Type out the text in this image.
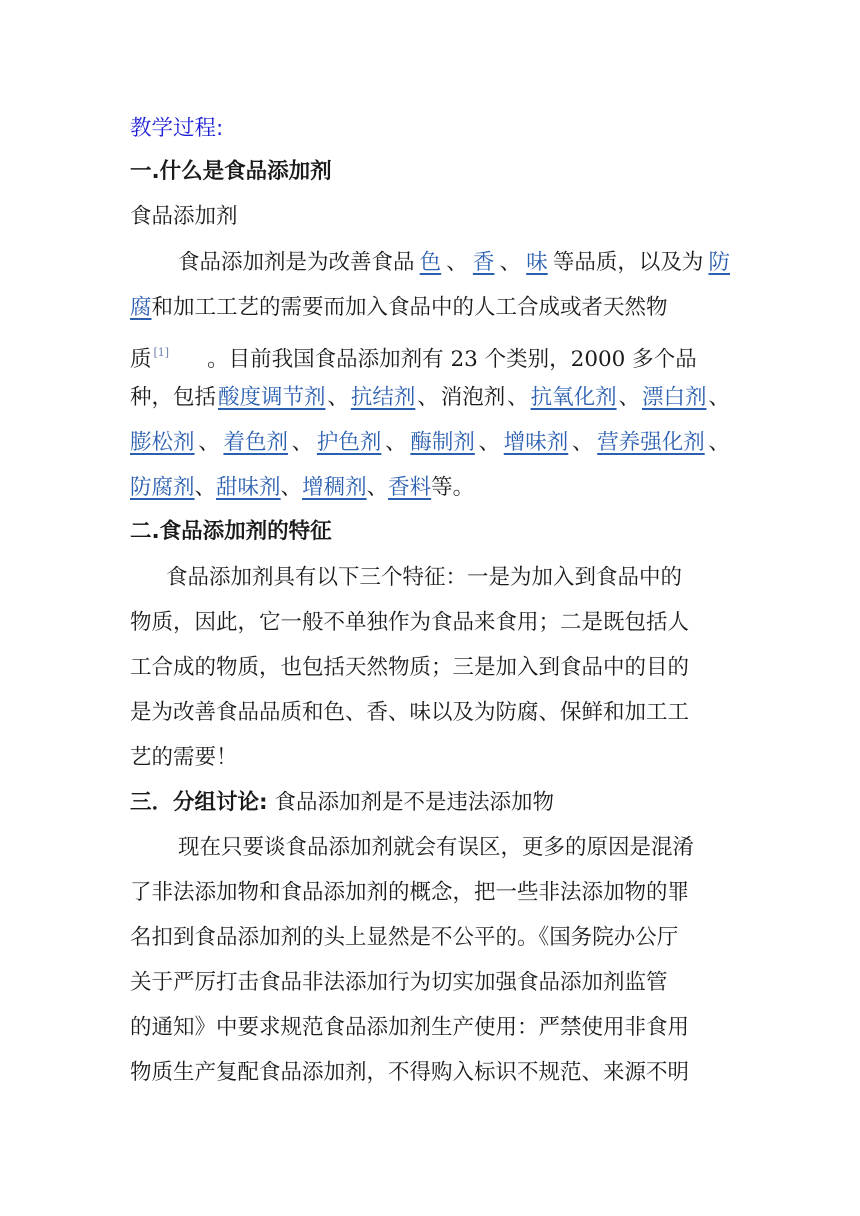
教学过程:
一.什么是食品添加剂
食品添加剂
食品添加剂是为改善食品 色 、 香 、 味 等品质，以及为 防
腐和加工工艺的需要而加入食品中的人工合成或者天然物
质 [1] 。目前我国食品添加剂有 23 个类别，2000 多个品
种，包括 酸度调节剂 、 抗结剂 、 消泡剂 、 抗氧化剂 、 漂白剂 、
膨松剂 、 着色剂 、 护色剂 、 酶制剂 、 增味剂 、 营养强化剂 、
防腐剂、甜味剂、增稠剂、香料等。
二.食品添加剂的特征
食品添加剂具有以下三个特征：一是为加入到食品中的
物质，因此，它一般不单独作为食品来食用；二是既包括人
工合成的物质，也包括天然物质；三是加入到食品中的目的
是为改善食品品质和色、香、味以及为防腐、保鲜和加工工
艺的需要！
三．分组讨论: 食品添加剂是不是违法添加物
现在只要谈食品添加剂就会有误区，更多的原因是混淆
了非法添加物和食品添加剂的概念，把一些非法添加物的罪
名扣到食品添加剂的头上显然是不公平的。《国务院办公厅
关于严厉打击食品非法添加行为切实加强食品添加剂监管
的通知》中要求规范食品添加剂生产使用：严禁使用非食用
物质生产复配食品添加剂，不得购入标识不规范、来源不明
